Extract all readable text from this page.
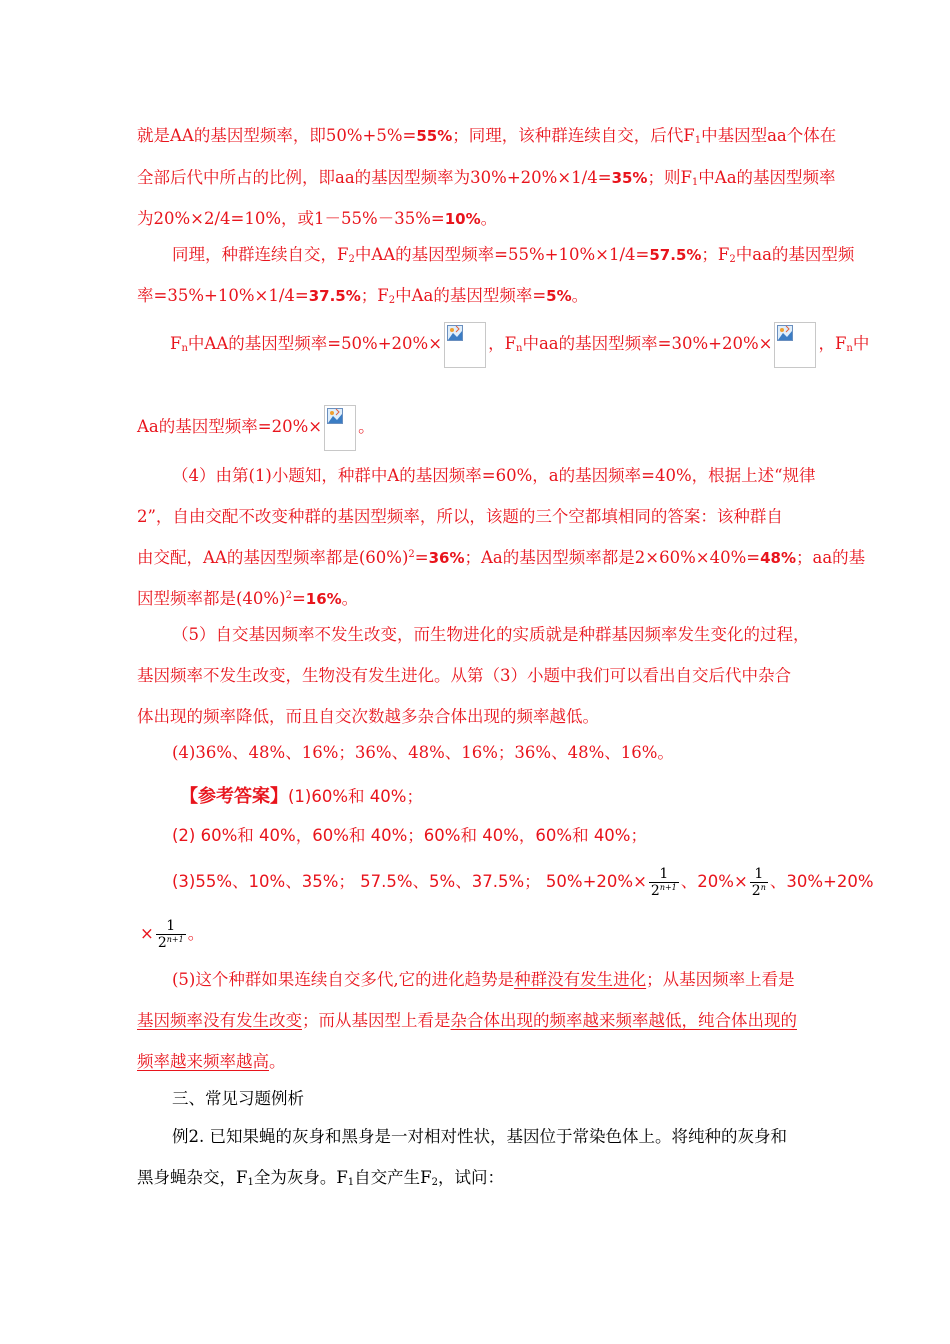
就是AA的基因型频率，即50%+5%=55%；同理，该种群连续自交，后代$F_1$中基因型aa个体在
全部后代中所占的比例，即aa的基因型频率为30%+20%×1/4=35%；则$F_1$中Aa的基因型频率
为20%×2/4=10%，或1－55%－35%=10%。
同理，种群连续自交，$F_2$中AA的基因型频率=55%+10%×1/4=57.5%；$F_2$中aa的基因型频
率=35%+10%×1/4=37.5%；$F_2$中Aa的基因型频率=5%。
$F_n$中AA的基因型频率=50%+20%×	，$F_n$中aa的基因型频率=30%+20%×	，$F_n$中
Aa的基因型频率=20%× 。
（4）由第(1)小题知，种群中A的基因频率=60%，a的基因频率=40%，根据上述“规律
2”，自由交配不改变种群的基因型频率，所以，该题的三个空都填相同的答案：该种群自
由交配，AA的基因型频率都是$(60\%)^2=36\%$；Aa的基因型频率都是2×60%×40%=48%；aa的基
因型频率都是$(40\%)^2=16\%$。
（5）自交基因频率不发生改变，而生物进化的实质就是种群基因频率发生变化的过程，
基因频率不发生改变，生物没有发生进化。从第（3）小题中我们可以看出自交后代中杂合
体出现的频率降低，而且自交次数越多杂合体出现的频率越低。
(4)36%、48%、16%；36%、48%、16%；36%、48%、16%。
【参考答案】(1)60%和 40%；
(2) 60%和 40%，60%和 40%；60%和 40%，60%和 40%；
(3)55%、10%、35%； 57.5%、5%、37.5%； $50\%+20\%\times \frac{1}{2^{n+1}}$ 、$20\%\times \frac{1}{2^n}$ 、30%+20%
× $\frac{1}{2^{n+1}}$ 。
(5)这个种群如果连续自交多代,它的进化趋势是种群没有发生进化；从基因频率上看是
基因频率没有发生改变；而从基因型上看是杂合体出现的频率越来频率越低，纯合体出现的
频率越来频率越高。
三、常见习题例析
例2. 已知果蝇的灰身和黑身是一对相对性状，基因位于常染色体上。将纯种的灰身和
黑身蝇杂交，$F_1$全为灰身。$F_1$自交产生$F_2$，试问：
